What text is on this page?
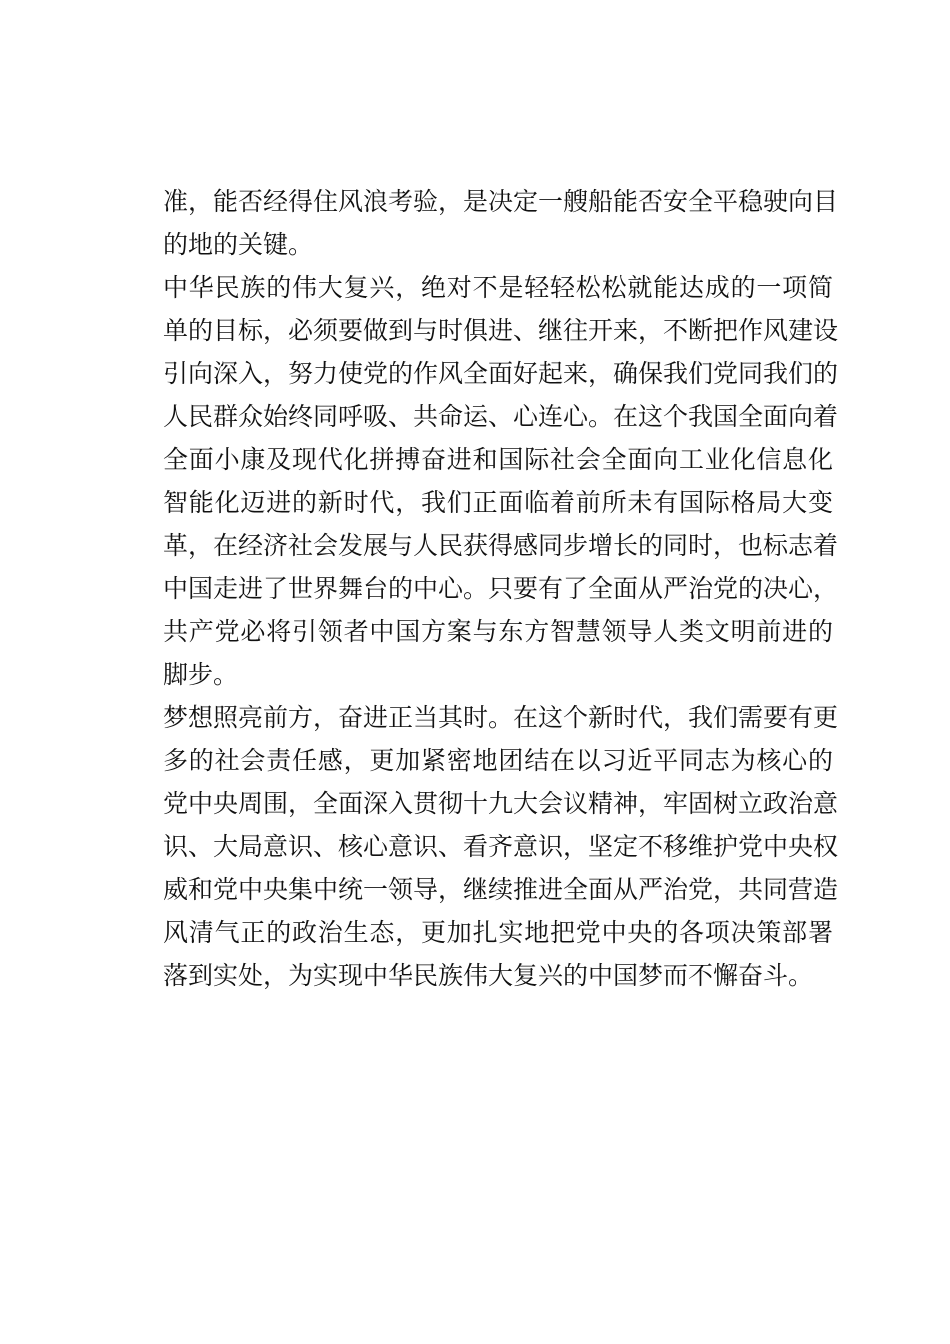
准，能否经得住风浪考验，是决定一艘船能否安全平稳驶向目
的地的关键。

中华民族的伟大复兴，绝对不是轻轻松松就能达成的一项简
单的目标，必须要做到与时俱进、继往开来，不断把作风建设
引向深入，努力使党的作风全面好起来，确保我们党同我们的
人民群众始终同呼吸、共命运、心连心。在这个我国全面向着
全面小康及现代化拼搏奋进和国际社会全面向工业化信息化
智能化迈进的新时代，我们正面临着前所未有国际格局大变
革，在经济社会发展与人民获得感同步增长的同时，也标志着
中国走进了世界舞台的中心。只要有了全面从严治党的决心，
共产党必将引领者中国方案与东方智慧领导人类文明前进的
脚步。

梦想照亮前方，奋进正当其时。在这个新时代，我们需要有更
多的社会责任感，更加紧密地团结在以习近平同志为核心的
党中央周围，全面深入贯彻十九大会议精神，牢固树立政治意
识、大局意识、核心意识、看齐意识，坚定不移维护党中央权
威和党中央集中统一领导，继续推进全面从严治党，共同营造
风清气正的政治生态，更加扎实地把党中央的各项决策部署
落到实处，为实现中华民族伟大复兴的中国梦而不懈奋斗。
